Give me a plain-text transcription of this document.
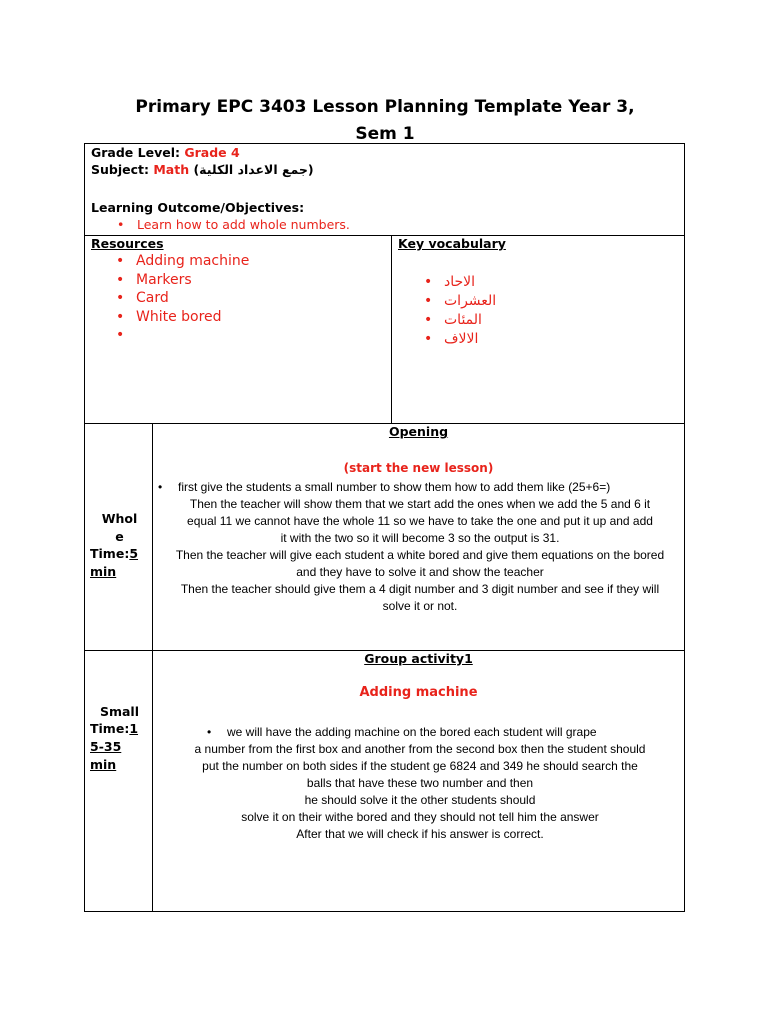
Primary EPC 3403 Lesson Planning Template Year 3,
Sem 1
Grade Level: Grade 4
Subject: Math (جمع الاعداد الكلية)
Learning Outcome/Objectives:
• Learn how to add whole numbers.
Resources
• Adding machine
• Markers
• Card
• White bored
•
Key vocabulary
• الاحاد
• العشرات
• المئات
• الالاف
Whol
e
Time:5
min
Opening
(start the new lesson)
• first give the students a small number to show them how to add them like (25+6=)
Then the teacher will show them that we start add the ones when we add the 5 and 6 it
equal 11 we cannot have the whole 11 so we have to take the one and put it up and add
it with the two so it will become 3 so the output is 31.
Then the teacher will give each student a white bored and give them equations on the bored
and they have to solve it and show the teacher
Then the teacher should give them a 4 digit number and 3 digit number and see if they will
solve it or not.
Small
Time:1
5-35
min
Group activity1
Adding machine
• we will have the adding machine on the bored each student will grape
a number from the first box and another from the second box then the student should
put the number on both sides if the student ge 6824 and 349 he should search the
balls that have these two number and then
he should solve it the other students should
solve it on their withe bored and they should not tell him the answer
After that we will check if his answer is correct.
